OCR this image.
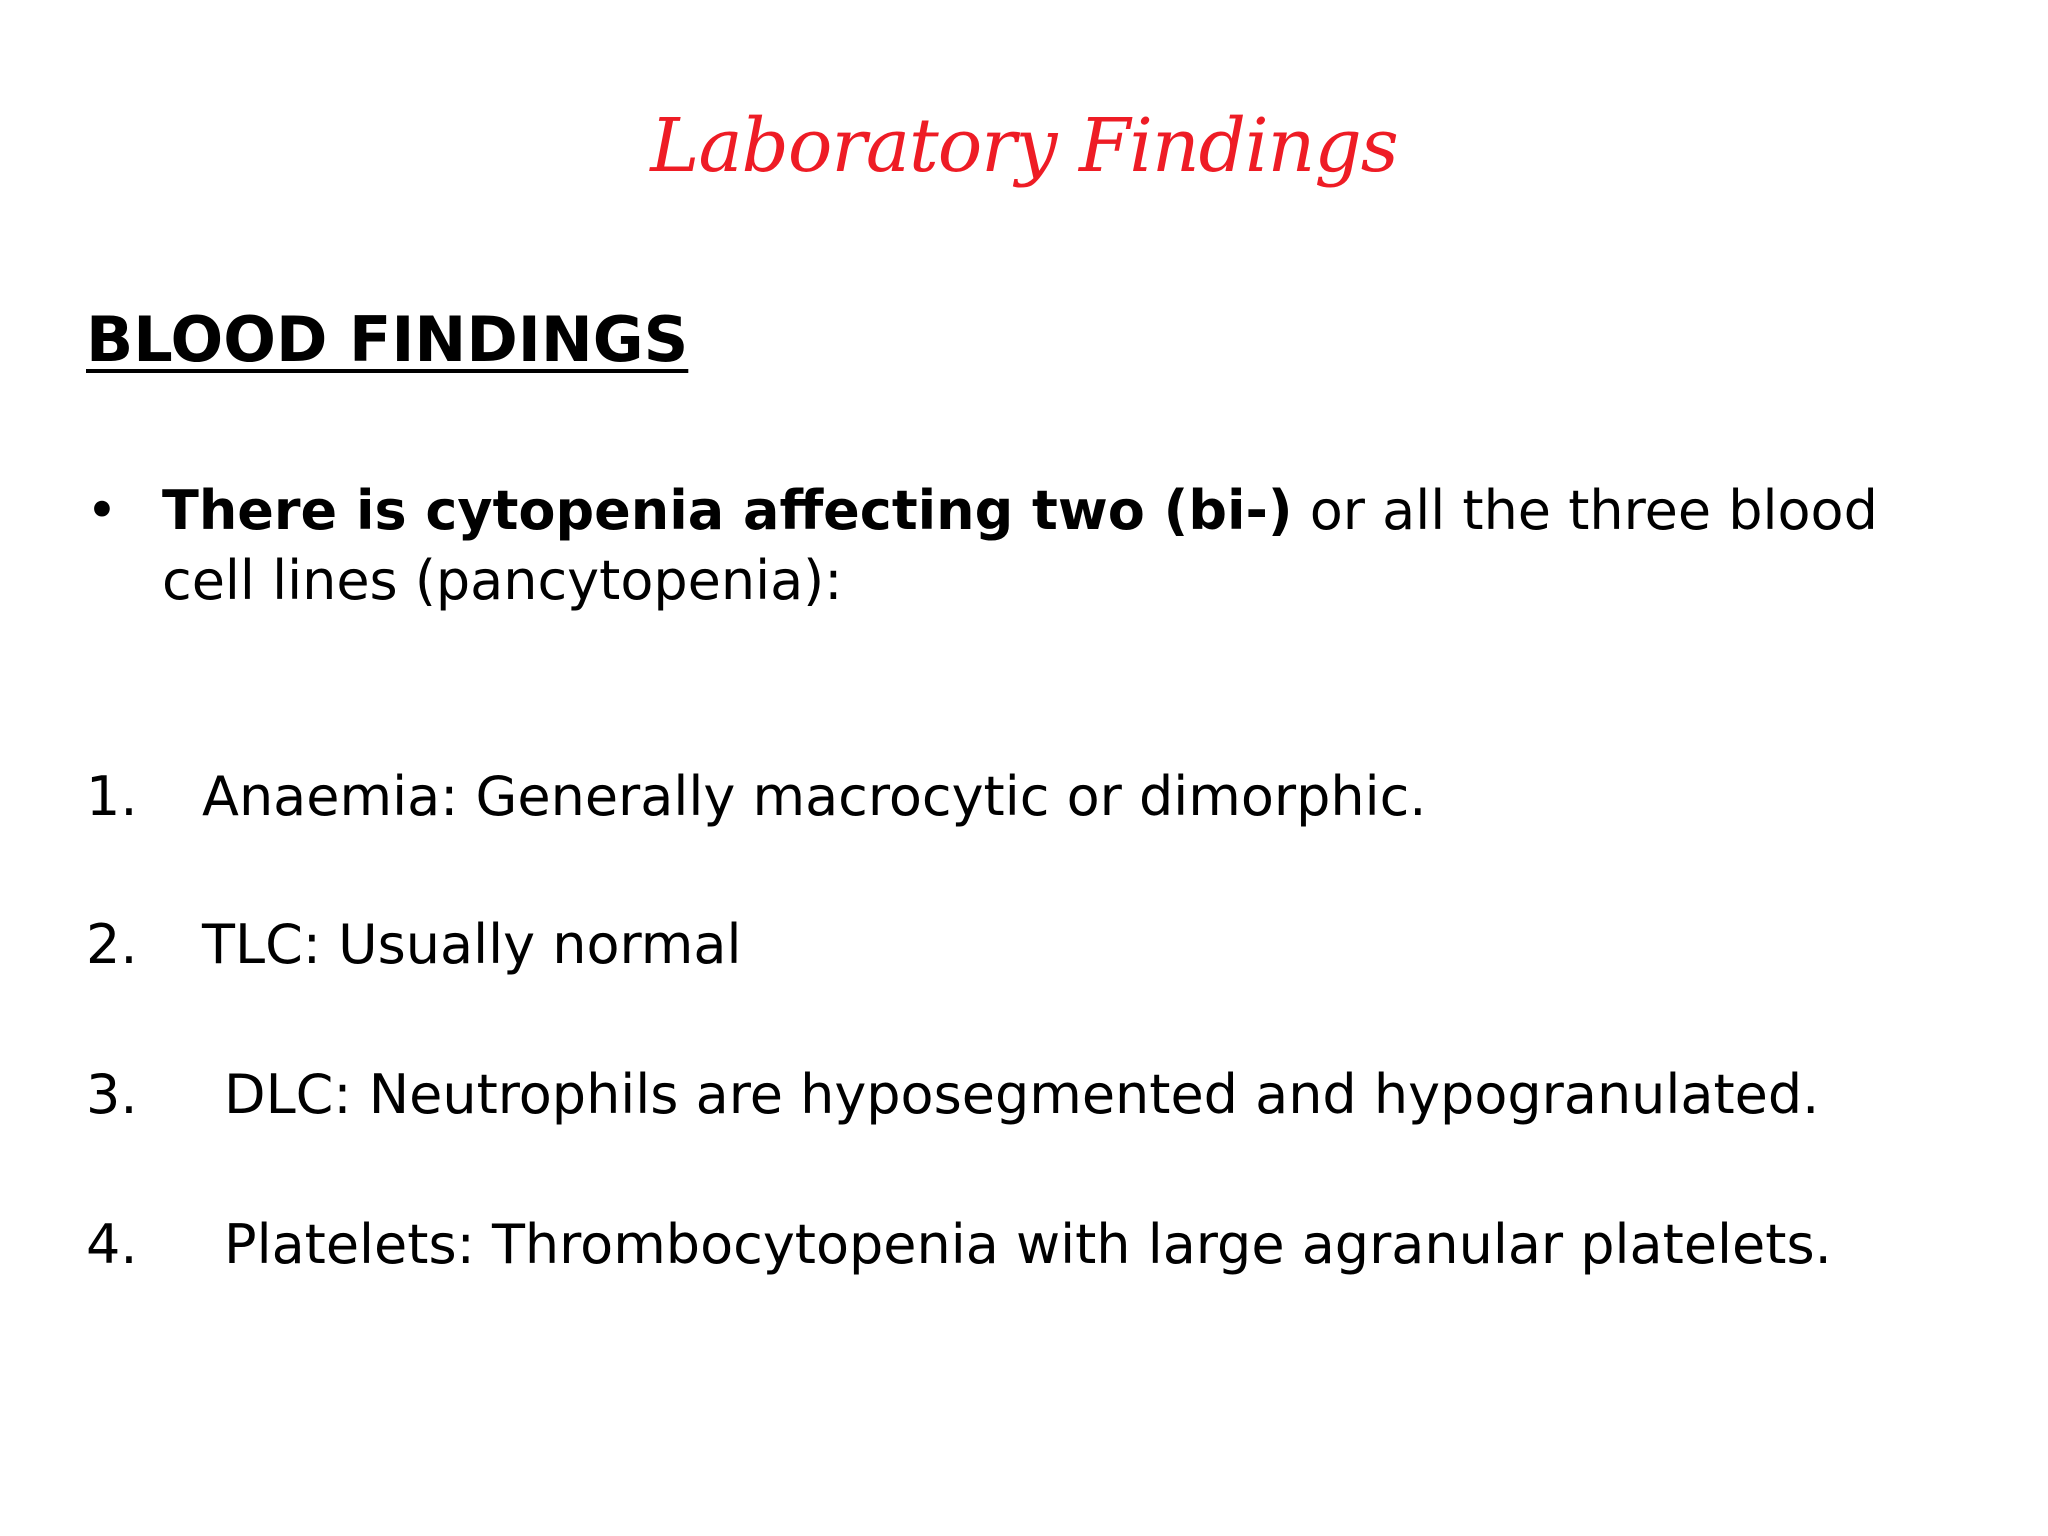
Laboratory Findings
BLOOD FINDINGS
• There is cytopenia affecting two (bi-) or all the three blood cell lines (pancytopenia):
1. Anaemia: Generally macrocytic or dimorphic.
2. TLC: Usually normal
3. DLC: Neutrophils are hyposegmented and hypogranulated.
4. Platelets: Thrombocytopenia with large agranular platelets.
